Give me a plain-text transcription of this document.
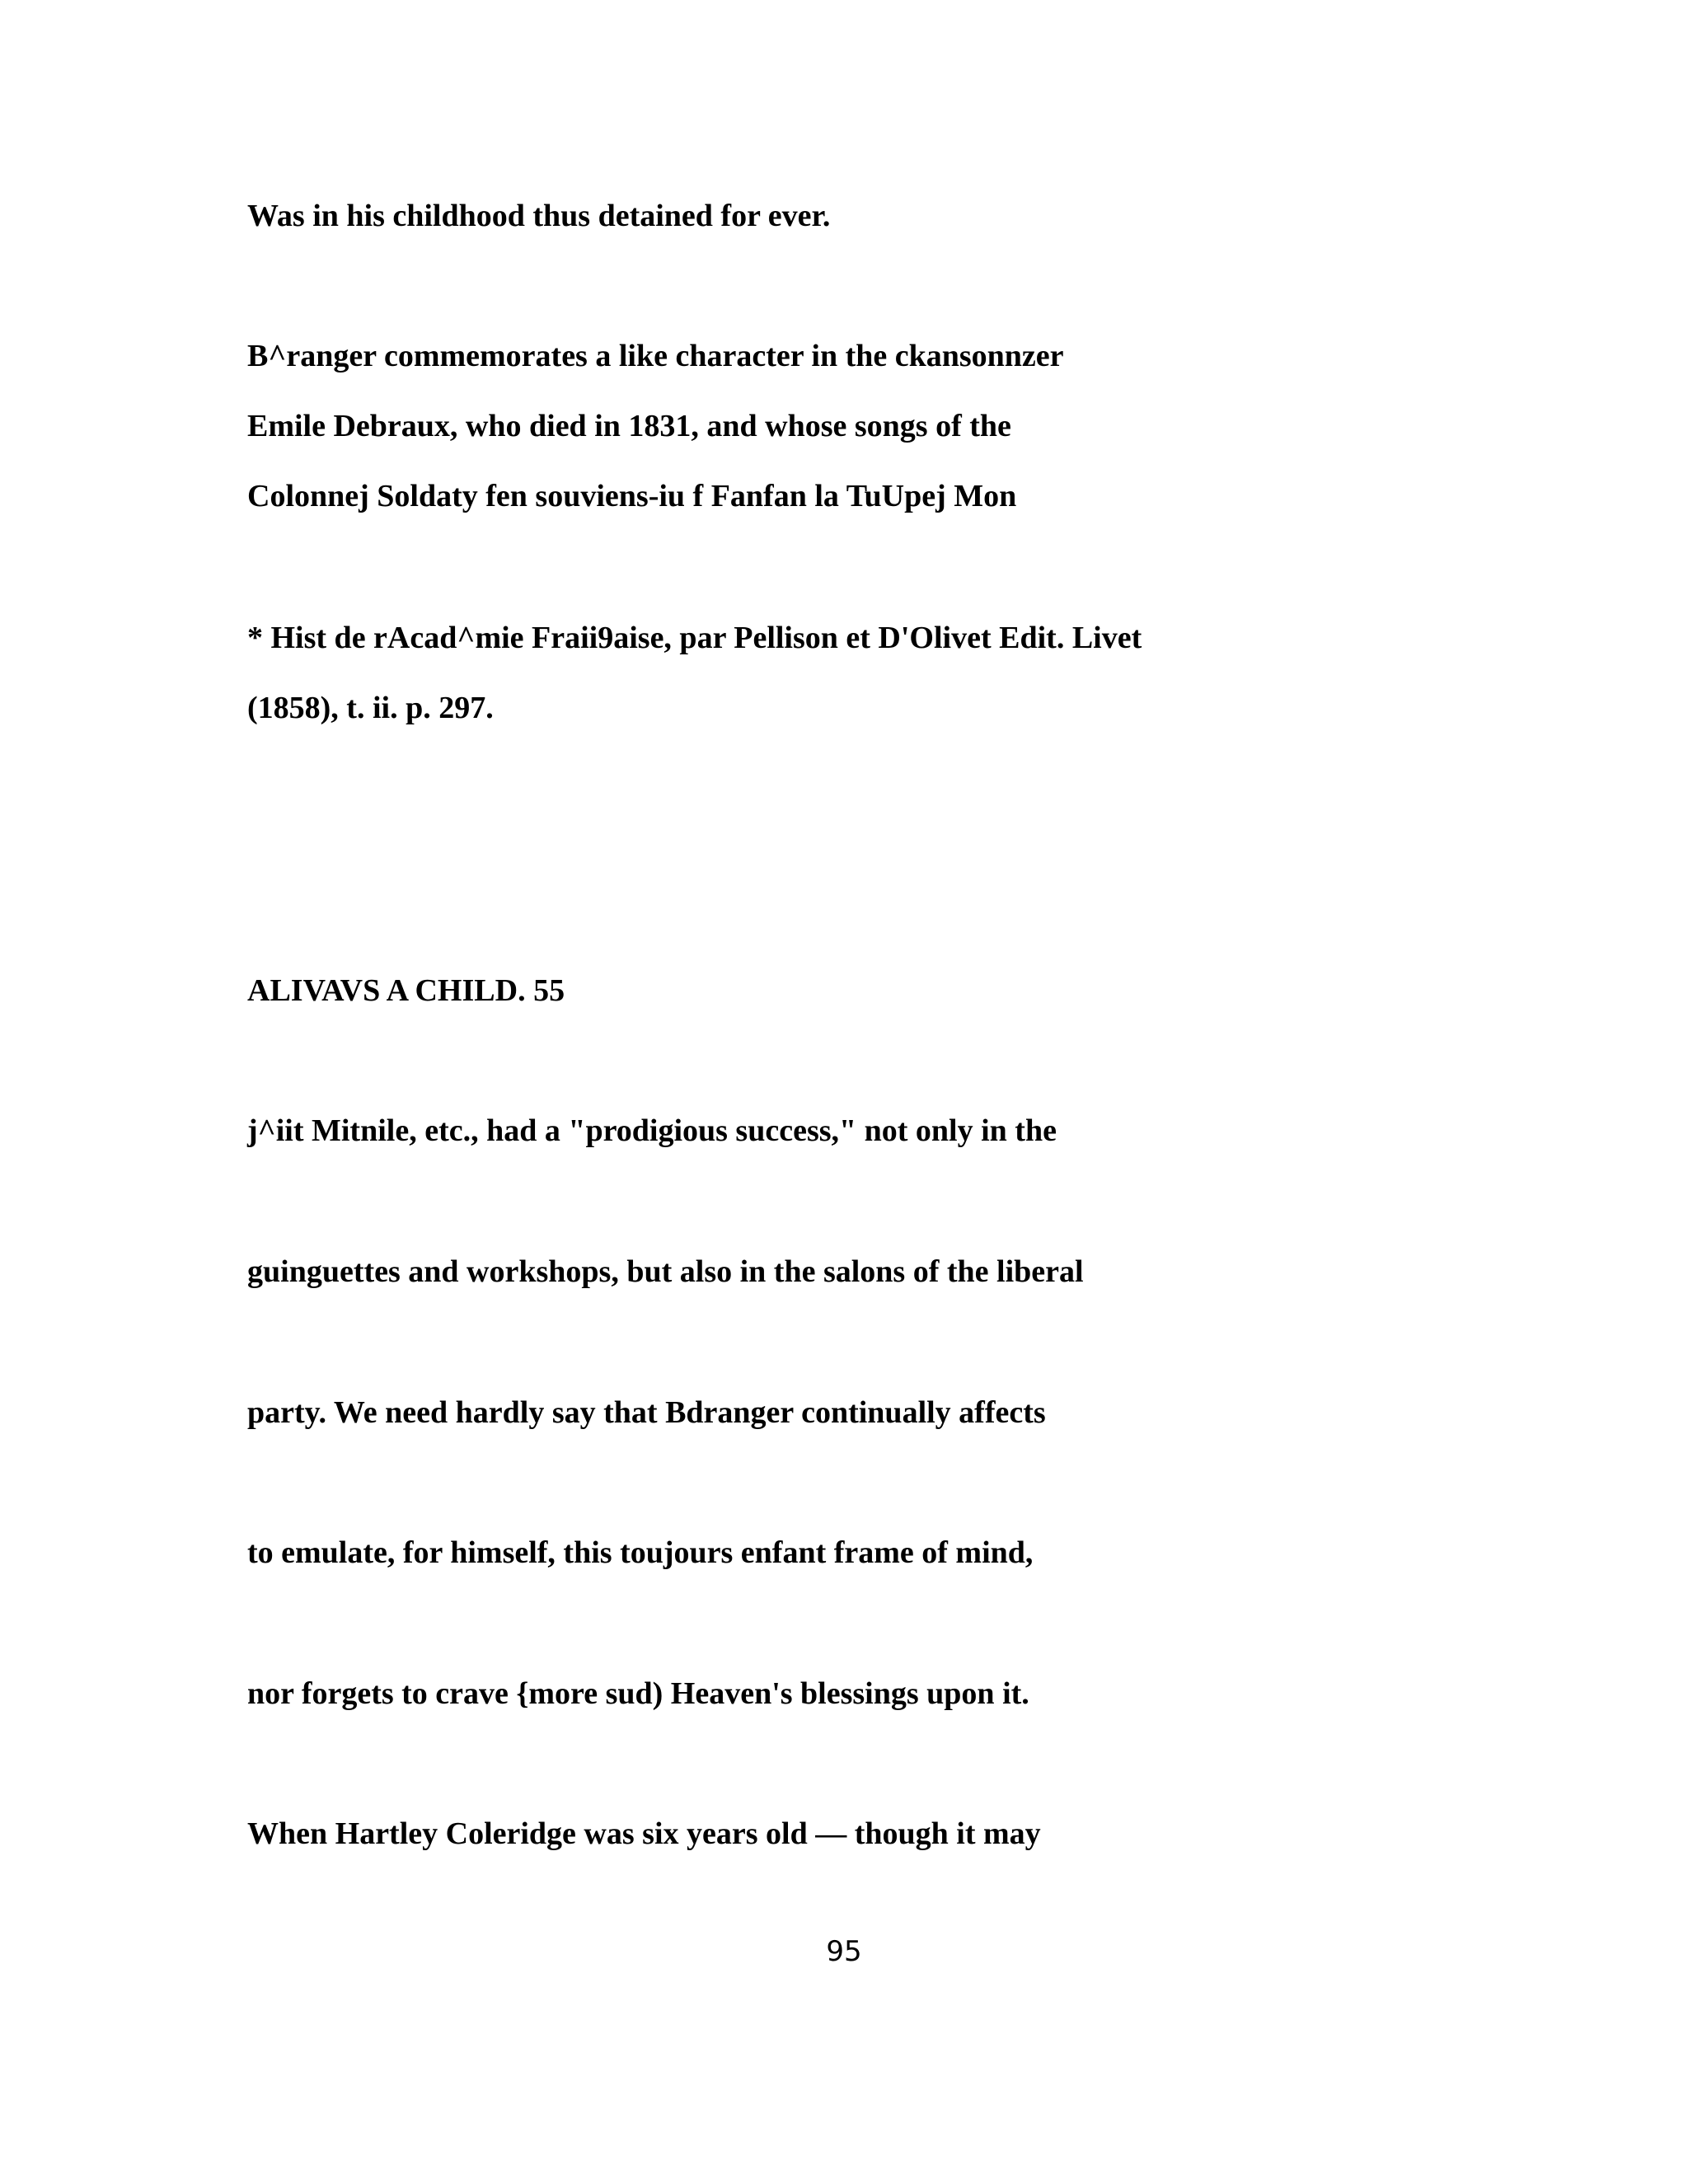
Was in his childhood thus detained for ever.

B^ranger commemorates a like character in the ckansonnzer

Emile Debraux, who died in 1831, and whose songs of the

Colonnej Soldaty fen souviens-iu f Fanfan la TuUpej Mon

* Hist de rAcad^mie Fraii9aise, par Pellison et D'Olivet Edit. Livet

(1858), t. ii. p. 297.

ALIVAVS A CHILD. 55

j^iit Mitnile, etc., had a "prodigious success," not only in the

guinguettes and workshops, but also in the salons of the liberal

party. We need hardly say that Bdranger continually affects

to emulate, for himself, this toujours enfant frame of mind,

nor forgets to crave {more sud) Heaven's blessings upon it.

When Hartley Coleridge was six years old — though it may

95
